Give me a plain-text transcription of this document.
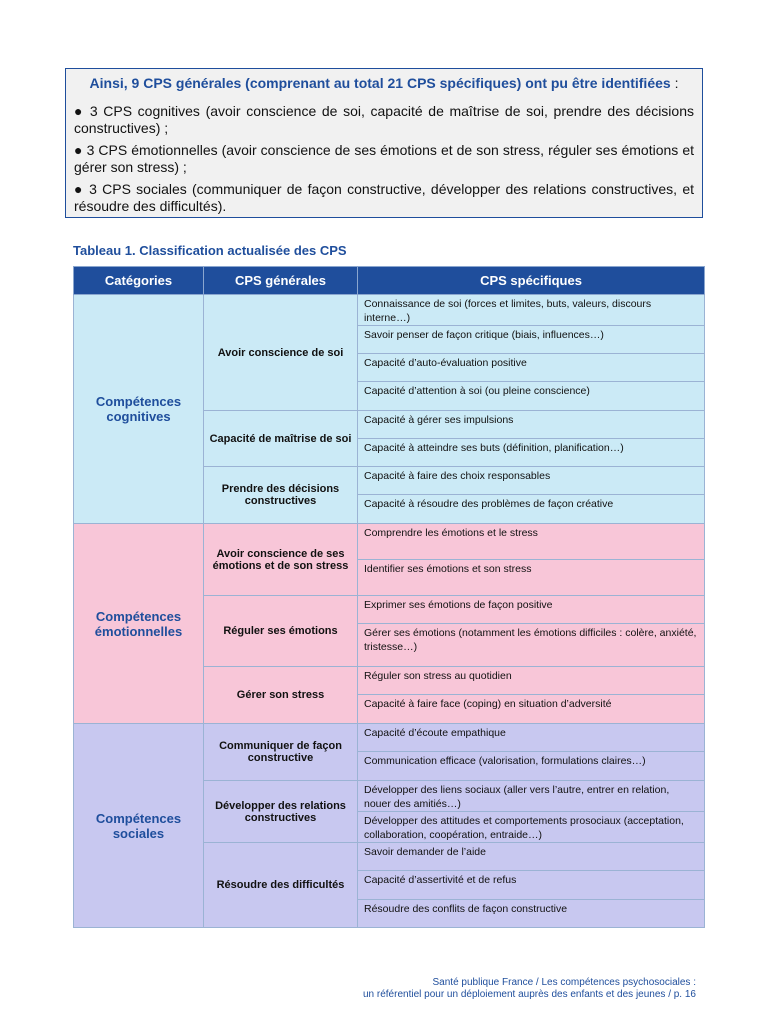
Ainsi, 9 CPS générales (comprenant au total 21 CPS spécifiques) ont pu être identifiées :

● 3 CPS cognitives (avoir conscience de soi, capacité de maîtrise de soi, prendre des décisions constructives) ;

● 3 CPS émotionnelles (avoir conscience de ses émotions et de son stress, réguler ses émotions et gérer son stress) ;

● 3 CPS sociales (communiquer de façon constructive, développer des relations constructives, et résoudre des difficultés).

Tableau 1. Classification actualisée des CPS
Catégories	CPS générales	CPS spécifiques
Compétences cognitives	Avoir conscience de soi	Connaissance de soi (forces et limites, buts, valeurs, discours interne…)
		Savoir penser de façon critique (biais, influences…)
		Capacité d’auto-évaluation positive
		Capacité d’attention à soi (ou pleine conscience)
	Capacité de maîtrise de soi	Capacité à gérer ses impulsions
		Capacité à atteindre ses buts (définition, planification…)
	Prendre des décisions constructives	Capacité à faire des choix responsables
		Capacité à résoudre des problèmes de façon créative
Compétences émotionnelles	Avoir conscience de ses émotions et de son stress	Comprendre les émotions et le stress
		Identifier ses émotions et son stress
	Réguler ses émotions	Exprimer ses émotions de façon positive
		Gérer ses émotions (notamment les émotions difficiles : colère, anxiété, tristesse…)
	Gérer son stress	Réguler son stress au quotidien
		Capacité à faire face (coping) en situation d’adversité
Compétences sociales	Communiquer de façon constructive	Capacité d’écoute empathique
		Communication efficace (valorisation, formulations claires…)
	Développer des relations constructives	Développer des liens sociaux (aller vers l’autre, entrer en relation, nouer des amitiés…)
		Développer des attitudes et comportements prosociaux (acceptation, collaboration, coopération, entraide…)
	Résoudre des difficultés	Savoir demander de l’aide
		Capacité d’assertivité et de refus
		Résoudre des conflits de façon constructive
Santé publique France / Les compétences psychosociales :
un référentiel pour un déploiement auprès des enfants et des jeunes / p. 16
